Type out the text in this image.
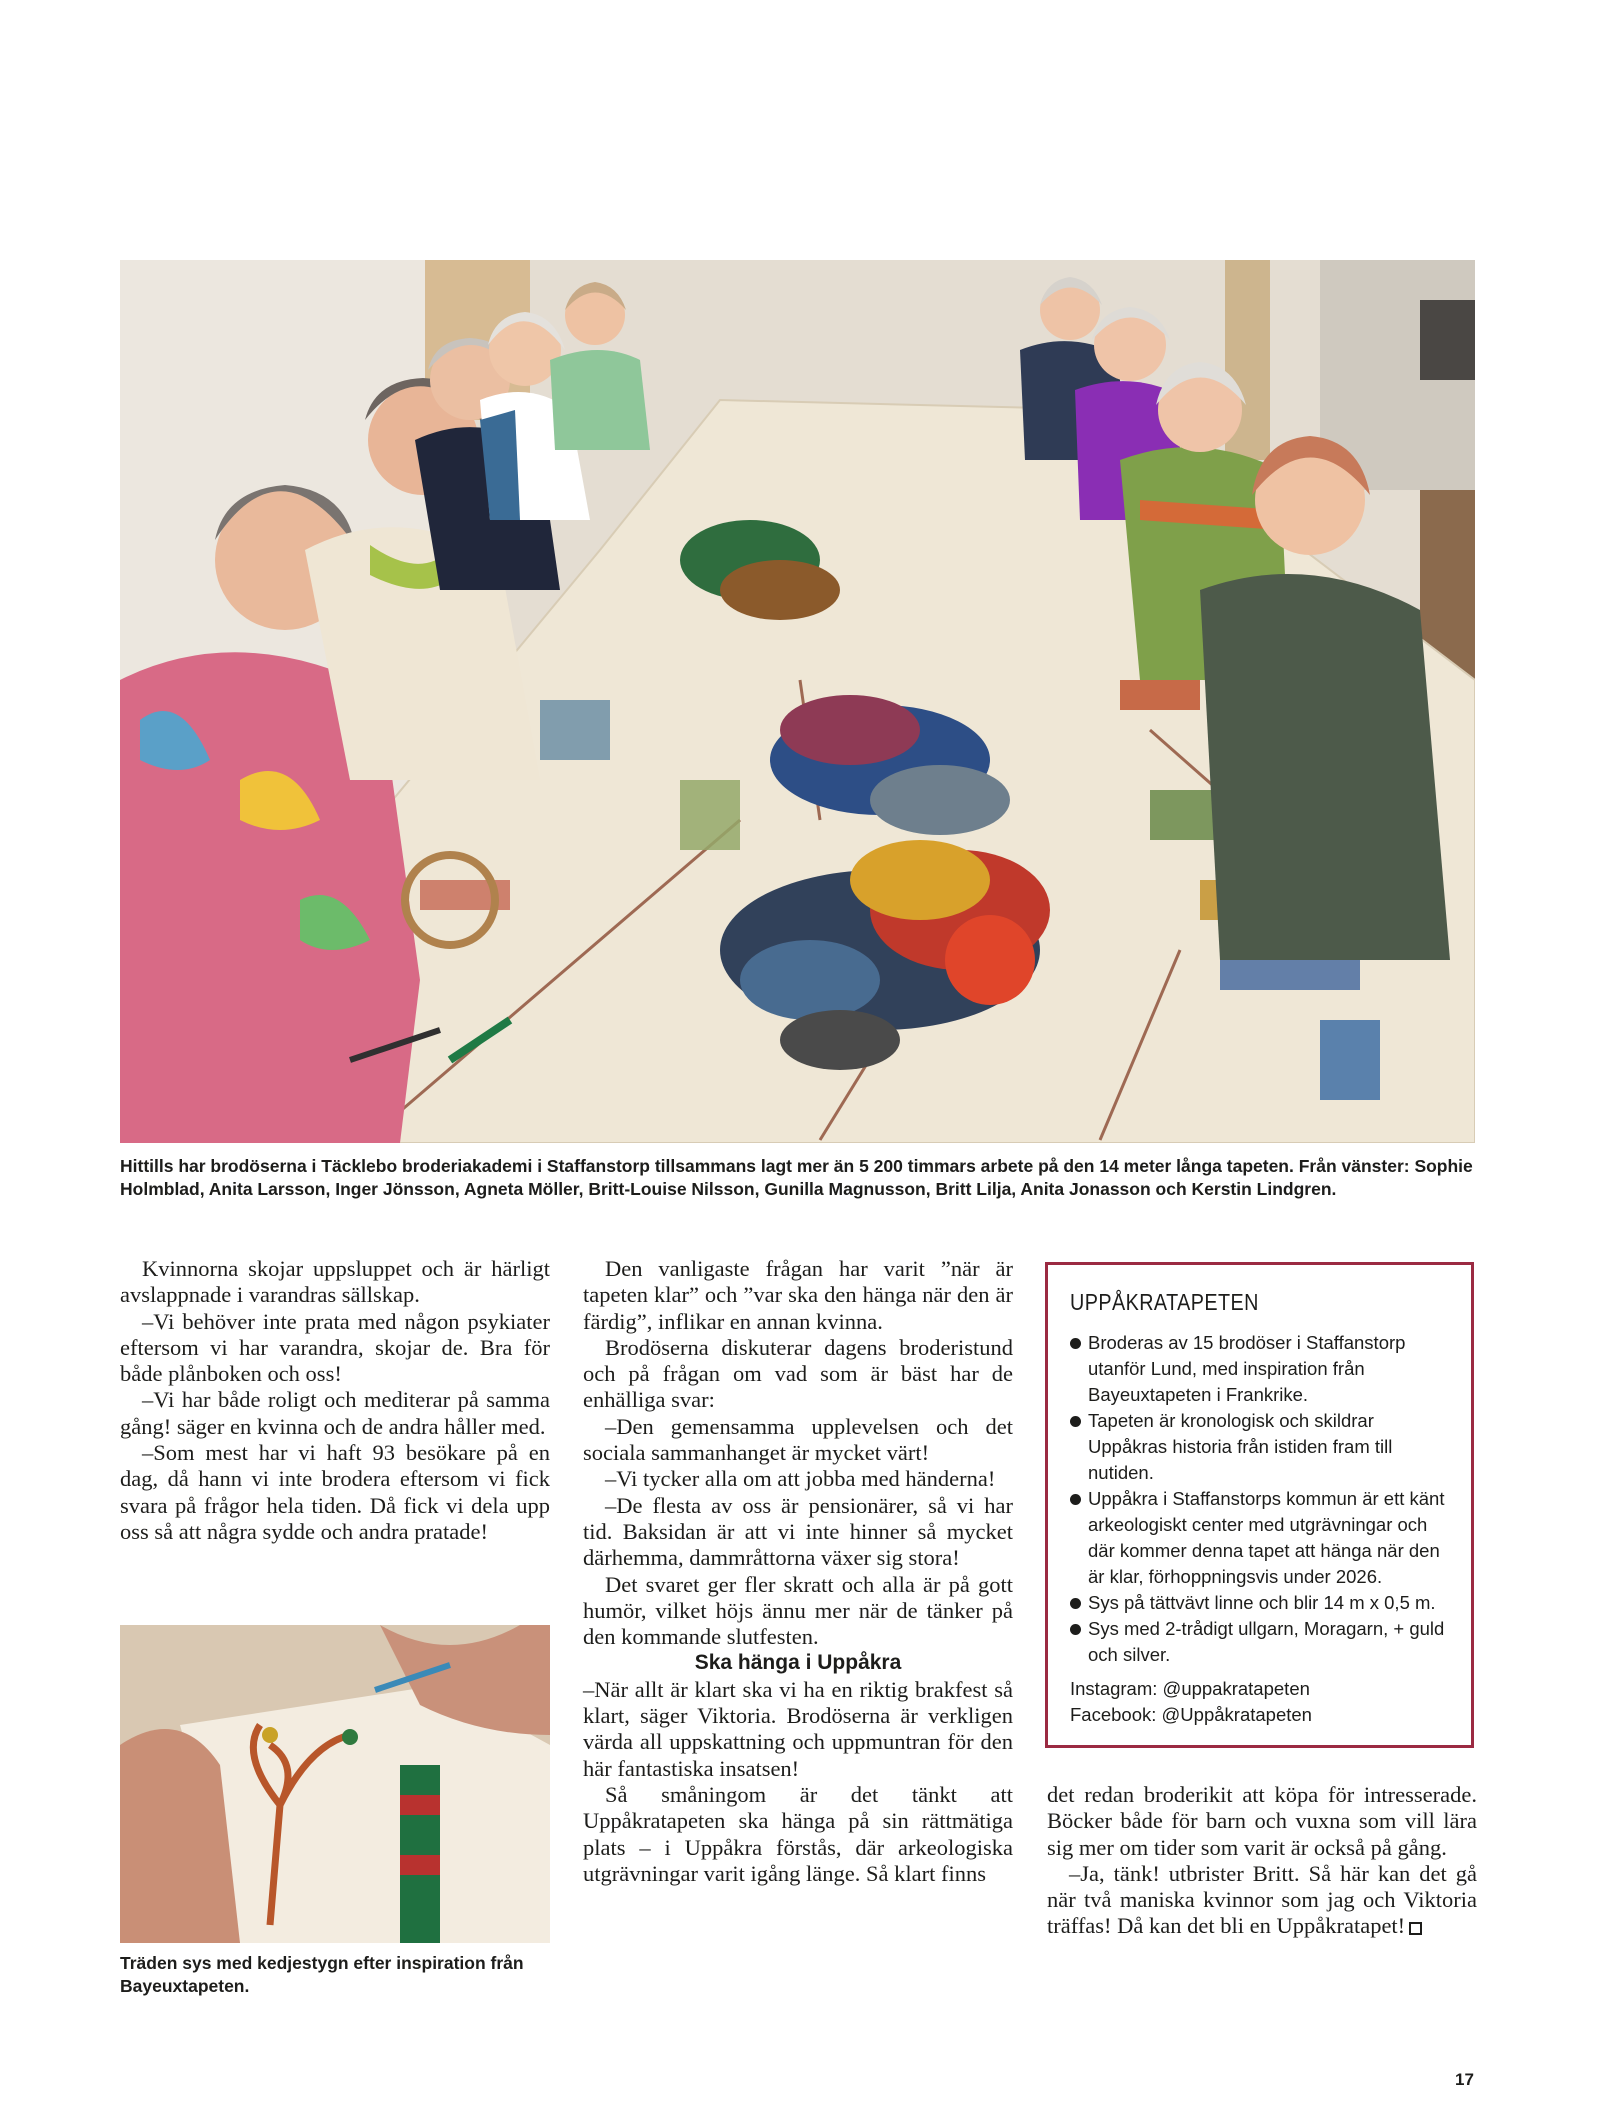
Hittills har brodöserna i Täcklebo broderiakademi i Staffanstorp tillsammans lagt mer än 5 200 timmars arbete på den 14 meter långa tapeten. Från vänster: Sophie Holmblad, Anita Larsson, Inger Jönsson, Agneta Möller, Britt-Louise Nilsson, Gunilla Magnusson, Britt Lilja, Anita Jonasson och Kerstin Lindgren.

Kvinnorna skojar uppsluppet och är härligt avslappnade i varandras sällskap.

–Vi behöver inte prata med någon psykiater eftersom vi har varandra, skojar de. Bra för både plånboken och oss!

–Vi har både roligt och mediterar på samma gång! säger en kvinna och de andra håller med.

–Som mest har vi haft 93 besökare på en dag, då hann vi inte brodera eftersom vi fick svara på frågor hela tiden. Då fick vi dela upp oss så att några sydde och andra pratade!

Träden sys med kedjestygn efter inspiration från Bayeuxtapeten.

Den vanligaste frågan har varit ”när är tapeten klar” och ”var ska den hänga när den är färdig”, inflikar en annan kvinna.

Brodöserna diskuterar dagens broderistund och på frågan om vad som är bäst har de enhälliga svar:

–Den gemensamma upplevelsen och det sociala sammanhanget är mycket värt!

–Vi tycker alla om att jobba med händerna!

–De flesta av oss är pensionärer, så vi har tid. Baksidan är att vi inte hinner så mycket därhemma, dammråttorna växer sig stora!

Det svaret ger fler skratt och alla är på gott humör, vilket höjs ännu mer när de tänker på den kommande slutfesten.

Ska hänga i Uppåkra

–När allt är klart ska vi ha en riktig brakfest så klart, säger Viktoria. Brodöserna är verkligen värda all uppskattning och uppmuntran för den här fantastiska insatsen!

Så småningom är det tänkt att Uppåkratapeten ska hänga på sin rättmätiga plats – i Uppåkra förstås, där arkeologiska utgrävningar varit igång länge. Så klart finns

UPPÅKRATAPETEN
Broderas av 15 brodöser i Staffanstorp utanför Lund, med inspiration från Bayeuxtapeten i Frankrike.
Tapeten är kronologisk och skildrar Uppåkras historia från istiden fram till nutiden.
Uppåkra i Staffanstorps kommun är ett känt arkeologiskt center med utgrävningar och där kommer denna tapet att hänga när den är klar, förhoppningsvis under 2026.
Sys på tättvävt linne och blir 14 m x 0,5 m.
Sys med 2-trådigt ullgarn, Moragarn, + guld och silver.
Instagram: @uppakratapeten
Facebook: @Uppåkratapeten

det redan broderikit att köpa för intresserade. Böcker både för barn och vuxna som vill lära sig mer om tider som varit är också på gång.

–Ja, tänk! utbrister Britt. Så här kan det gå när två maniska kvinnor som jag och Viktoria träffas! Då kan det bli en Uppåkratapet!

17
